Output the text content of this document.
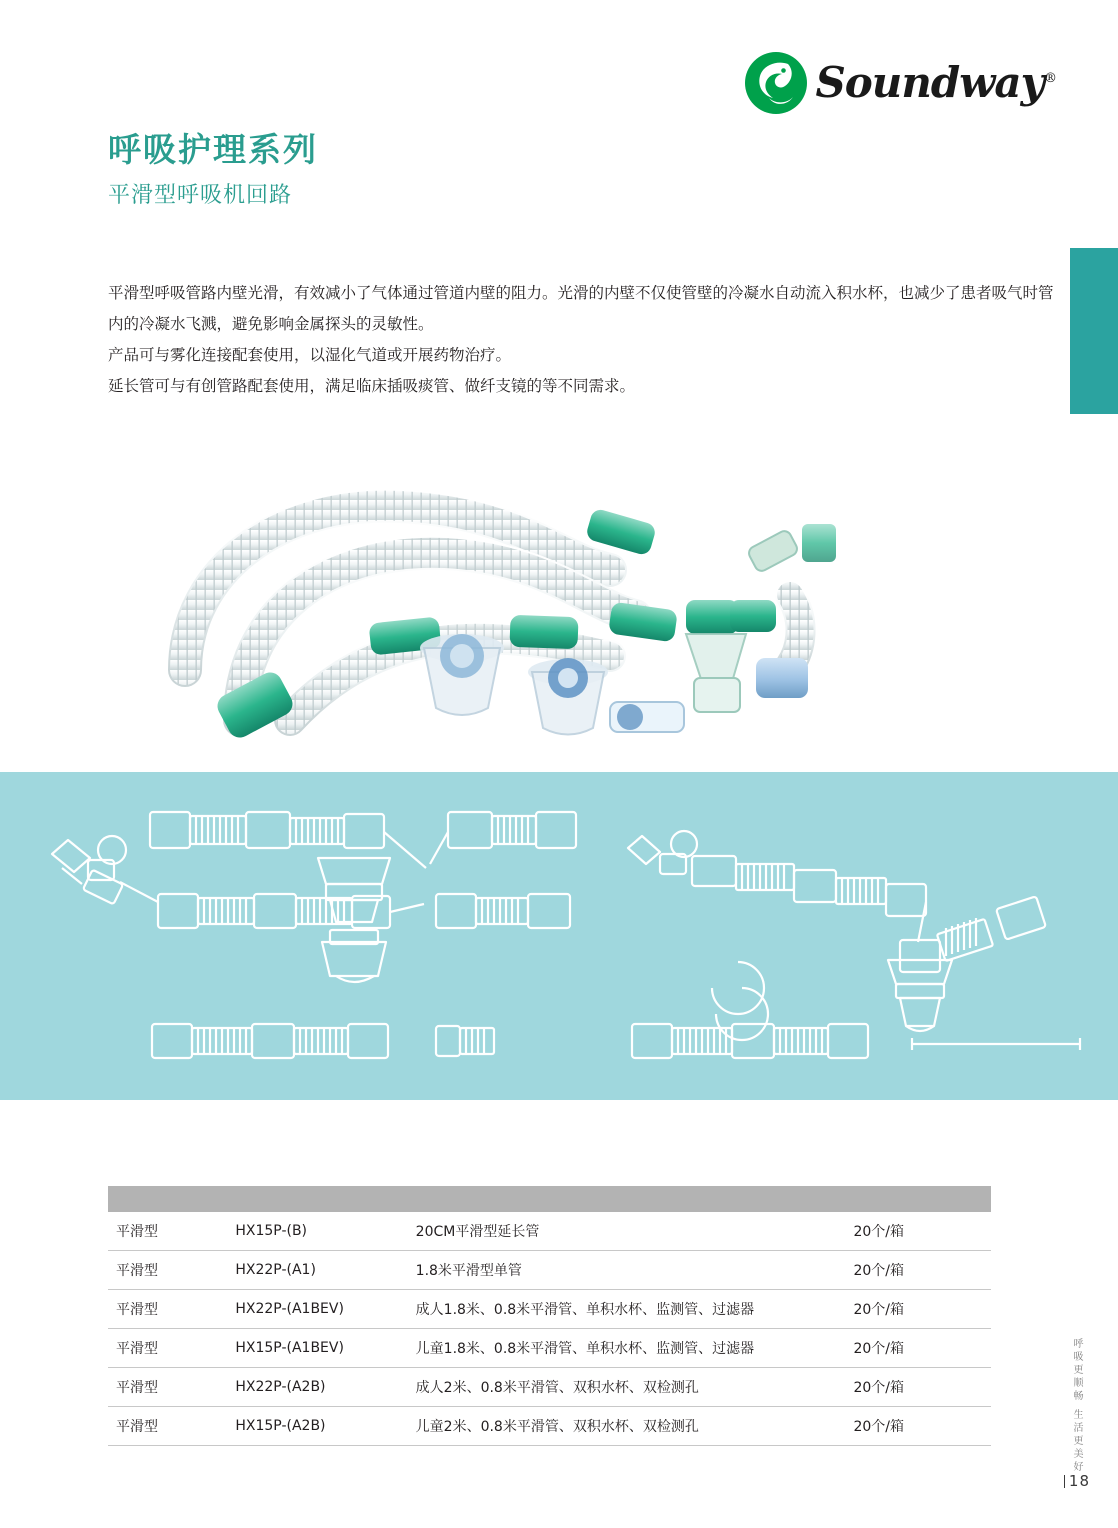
Soundway®
呼吸护理系列
平滑型呼吸机回路

平滑型呼吸管路内壁光滑，有效减小了气体通过管道内壁的阻力。光滑的内壁不仅使管壁的冷凝水自动流入积水杯，也减少了患者吸气时管内的冷凝水飞溅，避免影响金属探头的灵敏性。

产品可与雾化连接配套使用，以湿化气道或开展药物治疗。

延长管可与有创管路配套使用，满足临床插吸痰管、做纤支镜的等不同需求。

平滑型	HX15P-(B)	20CM平滑型延长管	20个/箱
平滑型	HX22P-(A1)	1.8米平滑型单管	20个/箱
平滑型	HX22P-(A1BEV)	成人1.8米、0.8米平滑管、单积水杯、监测管、过滤器	20个/箱
平滑型	HX15P-(A1BEV)	儿童1.8米、0.8米平滑管、单积水杯、监测管、过滤器	20个/箱
平滑型	HX22P-(A2B)	成人2米、0.8米平滑管、双积水杯、双检测孔	20个/箱
平滑型	HX15P-(A2B)	儿童2米、0.8米平滑管、双积水杯、双检测孔	20个/箱	呼吸更顺畅 生活更美好
18
